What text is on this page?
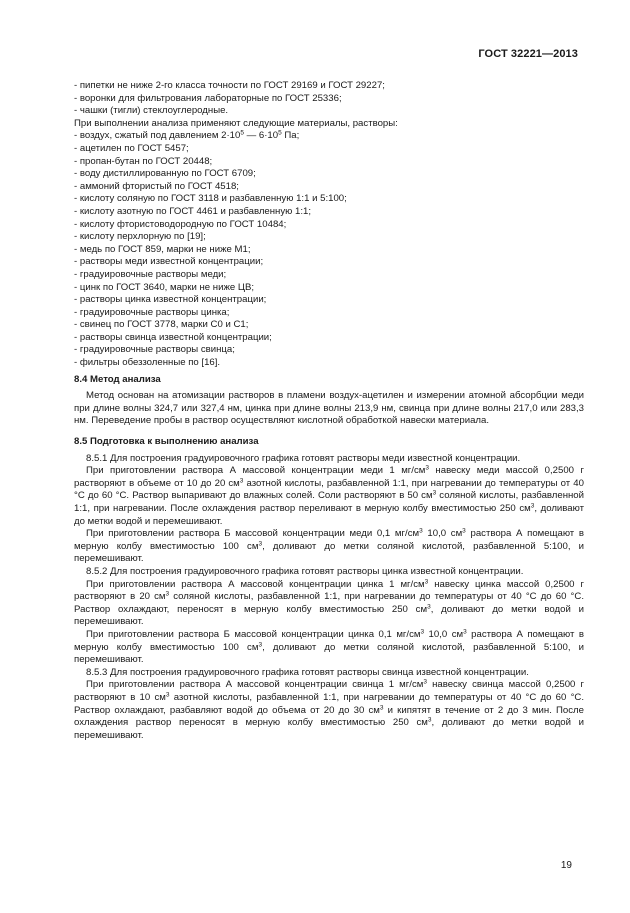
ГОСТ 32221—2013
- пипетки не ниже 2-го класса точности по ГОСТ 29169 и ГОСТ 29227;
- воронки для фильтрования лабораторные по ГОСТ 25336;
- чашки (тигли) стеклоуглеродные.
При выполнении анализа применяют следующие материалы, растворы:
- воздух, сжатый под давлением $2\cdot 10^5$ — $6\cdot 10^5$ Па;
- ацетилен по ГОСТ 5457;
- пропан-бутан по ГОСТ 20448;
- воду дистиллированную по ГОСТ 6709;
- аммоний фтористый по ГОСТ 4518;
- кислоту соляную по ГОСТ 3118 и разбавленную 1:1 и 5:100;
- кислоту азотную по ГОСТ 4461 и разбавленную 1:1;
- кислоту фтористоводородную по ГОСТ 10484;
- кислоту перхлорную по [19];
- медь по ГОСТ 859, марки не ниже М1;
- растворы меди известной концентрации;
- градуировочные растворы меди;
- цинк по ГОСТ 3640, марки не ниже ЦВ;
- растворы цинка известной концентрации;
- градуировочные растворы цинка;
- свинец по ГОСТ 3778, марки С0 и С1;
- растворы свинца известной концентрации;
- градуировочные растворы свинца;
- фильтры обеззоленные по [16].
8.4 Метод анализа

Метод основан на атомизации растворов в пламени воздух-ацетилен и измерении атомной абсорбции меди при длине волны 324,7 или 327,4 нм, цинка при длине волны 213,9 нм, свинца при длине волны 217,0 или 283,3 нм. Переведение пробы в раствор осуществляют кислотной обработкой навески материала.

8.5 Подготовка к выполнению анализа

8.5.1 Для построения градуировочного графика готовят растворы меди известной концентрации.

При приготовлении раствора А массовой концентрации меди 1 $мг/см^3$ навеску меди массой 0,2500 г растворяют в объеме от 10 до 20 $см^3$ азотной кислоты, разбавленной 1:1, при нагревании до температуры от 40 °С до 60 °С. Раствор выпаривают до влажных солей. Соли растворяют в 50 $см^3$ соляной кислоты, разбавленной 1:1, при нагревании. После охлаждения раствор переливают в мерную колбу вместимостью 250 $см^3$, доливают до метки водой и перемешивают.

При приготовлении раствора Б массовой концентрации меди 0,1 $мг/см^3$ 10,0 $см^3$ раствора А помещают в мерную колбу вместимостью 100 $см^3$, доливают до метки соляной кислотой, разбавленной 5:100, и перемешивают.

8.5.2 Для построения градуировочного графика готовят растворы цинка известной концентрации.

При приготовлении раствора А массовой концентрации цинка 1 $мг/см^3$ навеску цинка массой 0,2500 г растворяют в 20 $см^3$ соляной кислоты, разбавленной 1:1, при нагревании до температуры от 40 °С до 60 °С. Раствор охлаждают, переносят в мерную колбу вместимостью 250 $см^3$, доливают до метки водой и перемешивают.

При приготовлении раствора Б массовой концентрации цинка 0,1 $мг/см^3$ 10,0 $см^3$ раствора А помещают в мерную колбу вместимостью 100 $см^3$, доливают до метки соляной кислотой, разбавленной 5:100, и перемешивают.

8.5.3 Для построения градуировочного графика готовят растворы свинца известной концентрации.

При приготовлении раствора А массовой концентрации свинца 1 $мг/см^3$ навеску свинца массой 0,2500 г растворяют в 10 $см^3$ азотной кислоты, разбавленной 1:1, при нагревании до температуры от 40 °С до 60 °С. Раствор охлаждают, разбавляют водой до объема от 20 до 30 $см^3$ и кипятят в течение от 2 до 3 мин. После охлаждения раствор переносят в мерную колбу вместимостью 250 $см^3$, доливают до метки водой и перемешивают.

19
